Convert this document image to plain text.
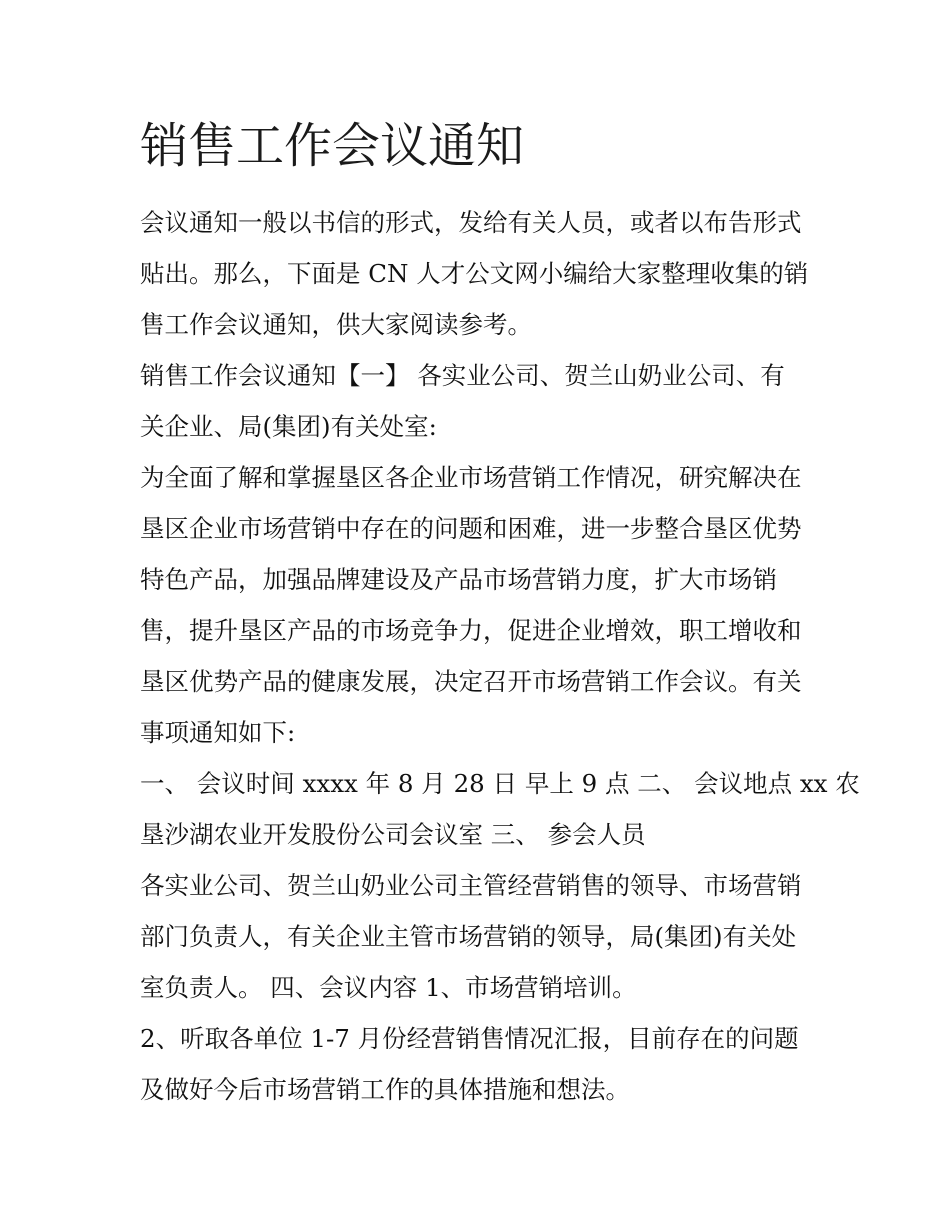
销售工作会议通知
会议通知一般以书信的形式，发给有关人员，或者以布告形式
贴出。那么，下面是 CN 人才公文网小编给大家整理收集的销
售工作会议通知，供大家阅读参考。
销售工作会议通知【一】 各实业公司、贺兰山奶业公司、有
关企业、局(集团)有关处室:
为全面了解和掌握垦区各企业市场营销工作情况，研究解决在
垦区企业市场营销中存在的问题和困难，进一步整合垦区优势
特色产品，加强品牌建设及产品市场营销力度，扩大市场销
售，提升垦区产品的市场竞争力，促进企业增效，职工增收和
垦区优势产品的健康发展，决定召开市场营销工作会议。有关
事项通知如下:
一、 会议时间 xxxx 年 8 月 28 日 早上 9 点 二、 会议地点 xx 农
垦沙湖农业开发股份公司会议室 三、 参会人员
各实业公司、贺兰山奶业公司主管经营销售的领导、市场营销
部门负责人，有关企业主管市场营销的领导，局(集团)有关处
室负责人。 四、会议内容 1、市场营销培训。
2、听取各单位 1-7 月份经营销售情况汇报，目前存在的问题
及做好今后市场营销工作的具体措施和想法。
